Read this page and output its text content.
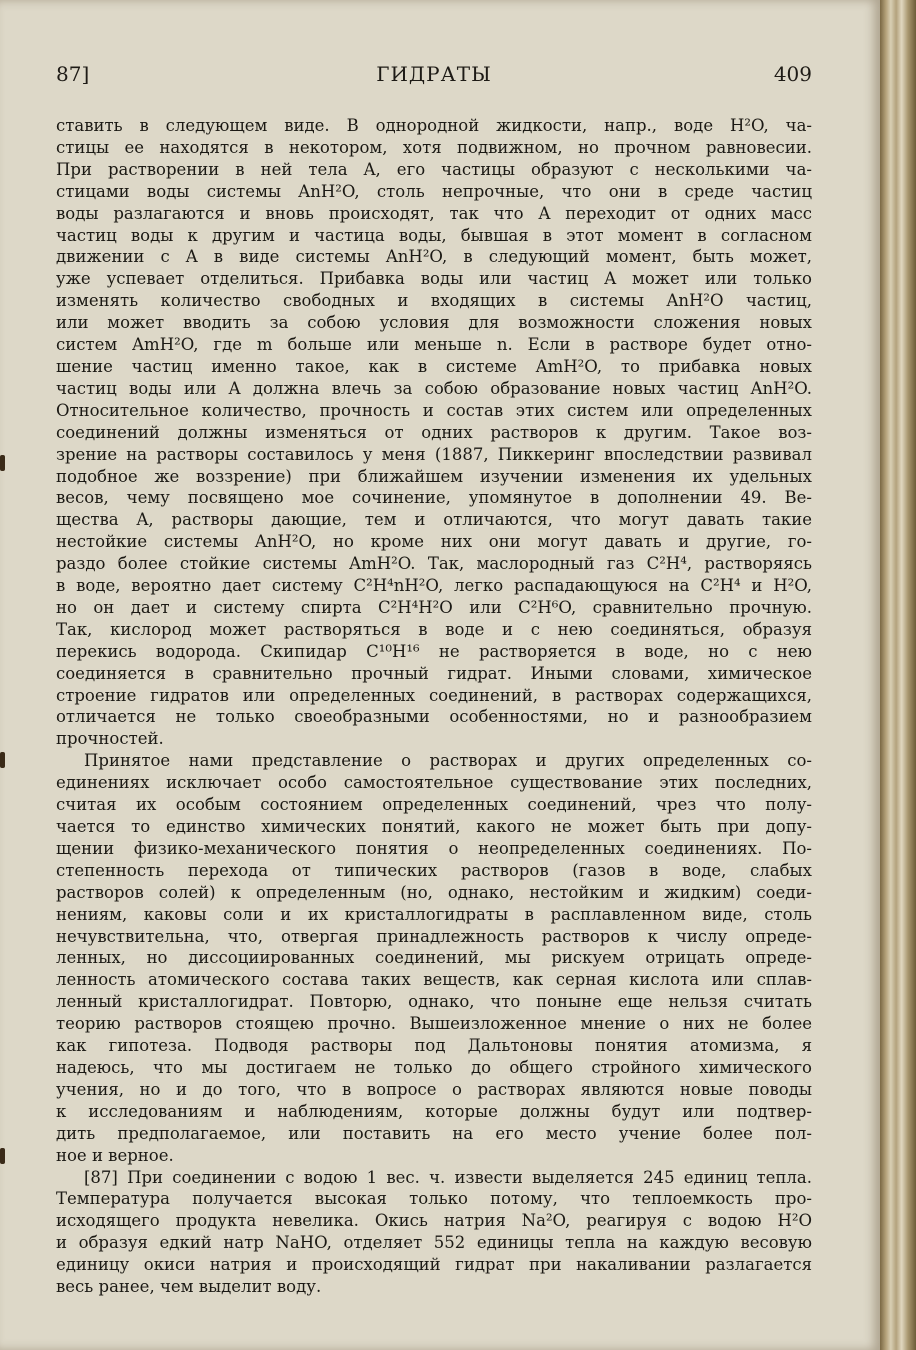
87]	ГИДРАТЫ	409

ставить в следующем виде. В однородной жидкости, напр., воде H²O, ча-
стицы ее находятся в некотором, хотя подвижном, но прочном равновесии.
При растворении в ней тела A, его частицы образуют с несколькими ча-
стицами воды системы AnH²O, столь непрочные, что они в среде частиц
воды разлагаются и вновь происходят, так что A переходит от одних масс
частиц воды к другим и частица воды, бывшая в этот момент в согласном
движении с A в виде системы AnH²O, в следующий момент, быть может,
уже успевает отделиться. Прибавка воды или частиц A может или только
изменять количество свободных и входящих в системы AnH²O частиц,
или может вводить за собою условия для возможности сложения новых
систем AmH²O, где m больше или меньше n. Если в растворе будет отно-
шение частиц именно такое, как в системе AmH²O, то прибавка новых
частиц воды или A должна влечь за собою образование новых частиц AnH²O.
Относительное количество, прочность и состав этих систем или определенных
соединений должны изменяться от одних растворов к другим. Такое воз-
зрение на растворы составилось у меня (1887, Пиккеринг впоследствии развивал
подобное же воззрение) при ближайшем изучении изменения их удельных
весов, чему посвящено мое сочинение, упомянутое в дополнении 49. Ве-
щества A, растворы дающие, тем и отличаются, что могут давать такие
нестойкие системы AnH²O, но кроме них они могут давать и другие, го-
раздо более стойкие системы AmH²O. Так, маслородный газ C²H⁴, растворяясь
в воде, вероятно дает систему C²H⁴nH²O, легко распадающуюся на C²H⁴ и H²O,
но он дает и систему спирта C²H⁴H²O или C²H⁶O, сравнительно прочную.
Так, кислород может растворяться в воде и с нею соединяться, образуя
перекись водорода. Скипидар C¹⁰H¹⁶ не растворяется в воде, но с нею
соединяется в сравнительно прочный гидрат. Иными словами, химическое
строение гидратов или определенных соединений, в растворах содержащихся,
отличается не только своеобразными особенностями, но и разнообразием
прочностей.

Принятое нами представление о растворах и других определенных со-
единениях исключает особо самостоятельное существование этих последних,
считая их особым состоянием определенных соединений, чрез что полу-
чается то единство химических понятий, какого не может быть при допу-
щении физико-механического понятия о неопределенных соединениях. По-
степенность перехода от типических растворов (газов в воде, слабых
растворов солей) к определенным (но, однако, нестойким и жидким) соеди-
нениям, каковы соли и их кристаллогидраты в расплавленном виде, столь
нечувствительна, что, отвергая принадлежность растворов к числу опреде-
ленных, но диссоциированных соединений, мы рискуем отрицать опреде-
ленность атомического состава таких веществ, как серная кислота или сплав-
ленный кристаллогидрат. Повторю, однако, что поныне еще нельзя считать
теорию растворов стоящею прочно. Вышеизложенное мнение о них не более
как гипотеза. Подводя растворы под Дальтоновы понятия атомизма, я
надеюсь, что мы достигаем не только до общего стройного химического
учения, но и до того, что в вопросе о растворах являются новые поводы
к исследованиям и наблюдениям, которые должны будут или подтвер-
дить предполагаемое, или поставить на его место учение более пол-
ное и верное.

[87] При соединении с водою 1 вес. ч. извести выделяется 245 единиц тепла.
Температура получается высокая только потому, что теплоемкость про-
исходящего продукта невелика. Окись натрия Na²O, реагируя с водою H²O
и образуя едкий натр NaHO, отделяет 552 единицы тепла на каждую весовую
единицу окиси натрия и происходящий гидрат при накаливании разлагается
весь ранее, чем выделит воду.
